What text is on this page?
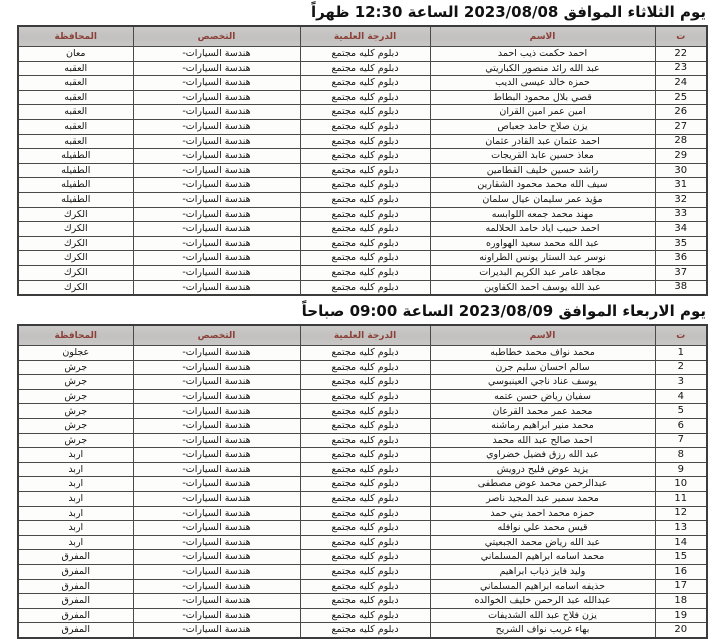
يوم الثلاثاء الموافق 2023/08/08 الساعة 12:30 ظهراً
ت	الاسم	الدرجة العلمية	التخصص	المحافظة
22	احمد حكمت ذيب احمد	دبلوم كليه مجتمع	هندسة السيارات-	معان
23	عبد الله رائد منصور الكباريتي	دبلوم كليه مجتمع	هندسة السيارات-	العقبه
24	حمزه خالد عيسى الديب	دبلوم كليه مجتمع	هندسة السيارات-	العقبه
25	قصي بلال محمود البطاط	دبلوم كليه مجتمع	هندسة السيارات-	العقبه
26	امين عمر امين القران	دبلوم كليه مجتمع	هندسة السيارات-	العقبه
27	يزن صلاح حامد جعباص	دبلوم كليه مجتمع	هندسة السيارات-	العقبه
28	احمد عثمان عبد القادر عثمان	دبلوم كليه مجتمع	هندسة السيارات-	العقبه
29	معاذ حسين عابد القريجات	دبلوم كليه مجتمع	هندسة السيارات-	الطفيله
30	راشد حسين خليف القطامين	دبلوم كليه مجتمع	هندسة السيارات-	الطفيله
31	سيف الله محمد محمود الشقارين	دبلوم كليه مجتمع	هندسة السيارات-	الطفيله
32	مؤيد عمر سليمان عيال سلمان	دبلوم كليه مجتمع	هندسة السيارات-	الطفيله
33	مهند محمد جمعه اللوابسه	دبلوم كليه مجتمع	هندسة السيارات-	الكرك
34	احمد حبيب اياد حامد الحلالمه	دبلوم كليه مجتمع	هندسة السيارات-	الكرك
35	عبد الله محمد سعيد الهواوره	دبلوم كليه مجتمع	هندسة السيارات-	الكرك
36	نوسر عبد الستار يونس الطراونه	دبلوم كليه مجتمع	هندسة السيارات-	الكرك
37	مجاهد عامر عبد الكريم البديرات	دبلوم كليه مجتمع	هندسة السيارات-	الكرك
38	عبد الله يوسف احمد الكفاوين	دبلوم كليه مجتمع	هندسة السيارات-	الكرك
يوم الاربعاء الموافق 2023/08/09 الساعة 09:00 صباحاً
ت	الاسم	الدرجة العلمية	التخصص	المحافظة
1	محمد نواف محمد خطاطبه	دبلوم كليه مجتمع	هندسة السيارات-	عجلون
2	سالم احسان سليم جرن	دبلوم كليه مجتمع	هندسة السيارات-	جرش
3	يوسف عناد ناجي العينبوسي	دبلوم كليه مجتمع	هندسة السيارات-	جرش
4	سفيان رياض حسن عتمه	دبلوم كليه مجتمع	هندسة السيارات-	جرش
5	محمد عمر محمد القرعان	دبلوم كليه مجتمع	هندسة السيارات-	جرش
6	محمد منير ابراهيم رماشنه	دبلوم كليه مجتمع	هندسة السيارات-	جرش
7	احمد صالح عبد الله محمد	دبلوم كليه مجتمع	هندسة السيارات-	جرش
8	عبد الله رزق فضيل خضراوي	دبلوم كليه مجتمع	هندسة السيارات-	اربد
9	يزيد عوض فليح درويش	دبلوم كليه مجتمع	هندسة السيارات-	اربد
10	عبدالرحمن محمد عوض مصطفى	دبلوم كليه مجتمع	هندسة السيارات-	اربد
11	محمد سمير عبد المجيد ناصر	دبلوم كليه مجتمع	هندسة السيارات-	اربد
12	حمزه محمد احمد بني حمد	دبلوم كليه مجتمع	هندسة السيارات-	اربد
13	قيس محمد علي نوافله	دبلوم كليه مجتمع	هندسة السيارات-	اربد
14	عبد الله رياض محمد الجبعيتي	دبلوم كليه مجتمع	هندسة السيارات-	اربد
15	محمد اسامه ابراهيم المسلماني	دبلوم كليه مجتمع	هندسة السيارات-	المفرق
16	وليد فايز ذياب ابراهيم	دبلوم كليه مجتمع	هندسة السيارات-	المفرق
17	حذيفه اسامه ابراهيم المسلماني	دبلوم كليه مجتمع	هندسة السيارات-	المفرق
18	عبدالله عبد الرحمن خليف الخوالده	دبلوم كليه مجتمع	هندسة السيارات-	المفرق
19	يزن فلاح عبد الله الشديفات	دبلوم كليه مجتمع	هندسة السيارات-	المفرق
20	بهاء غريب نواف الشريح	دبلوم كليه مجتمع	هندسة السيارات-	المفرق
